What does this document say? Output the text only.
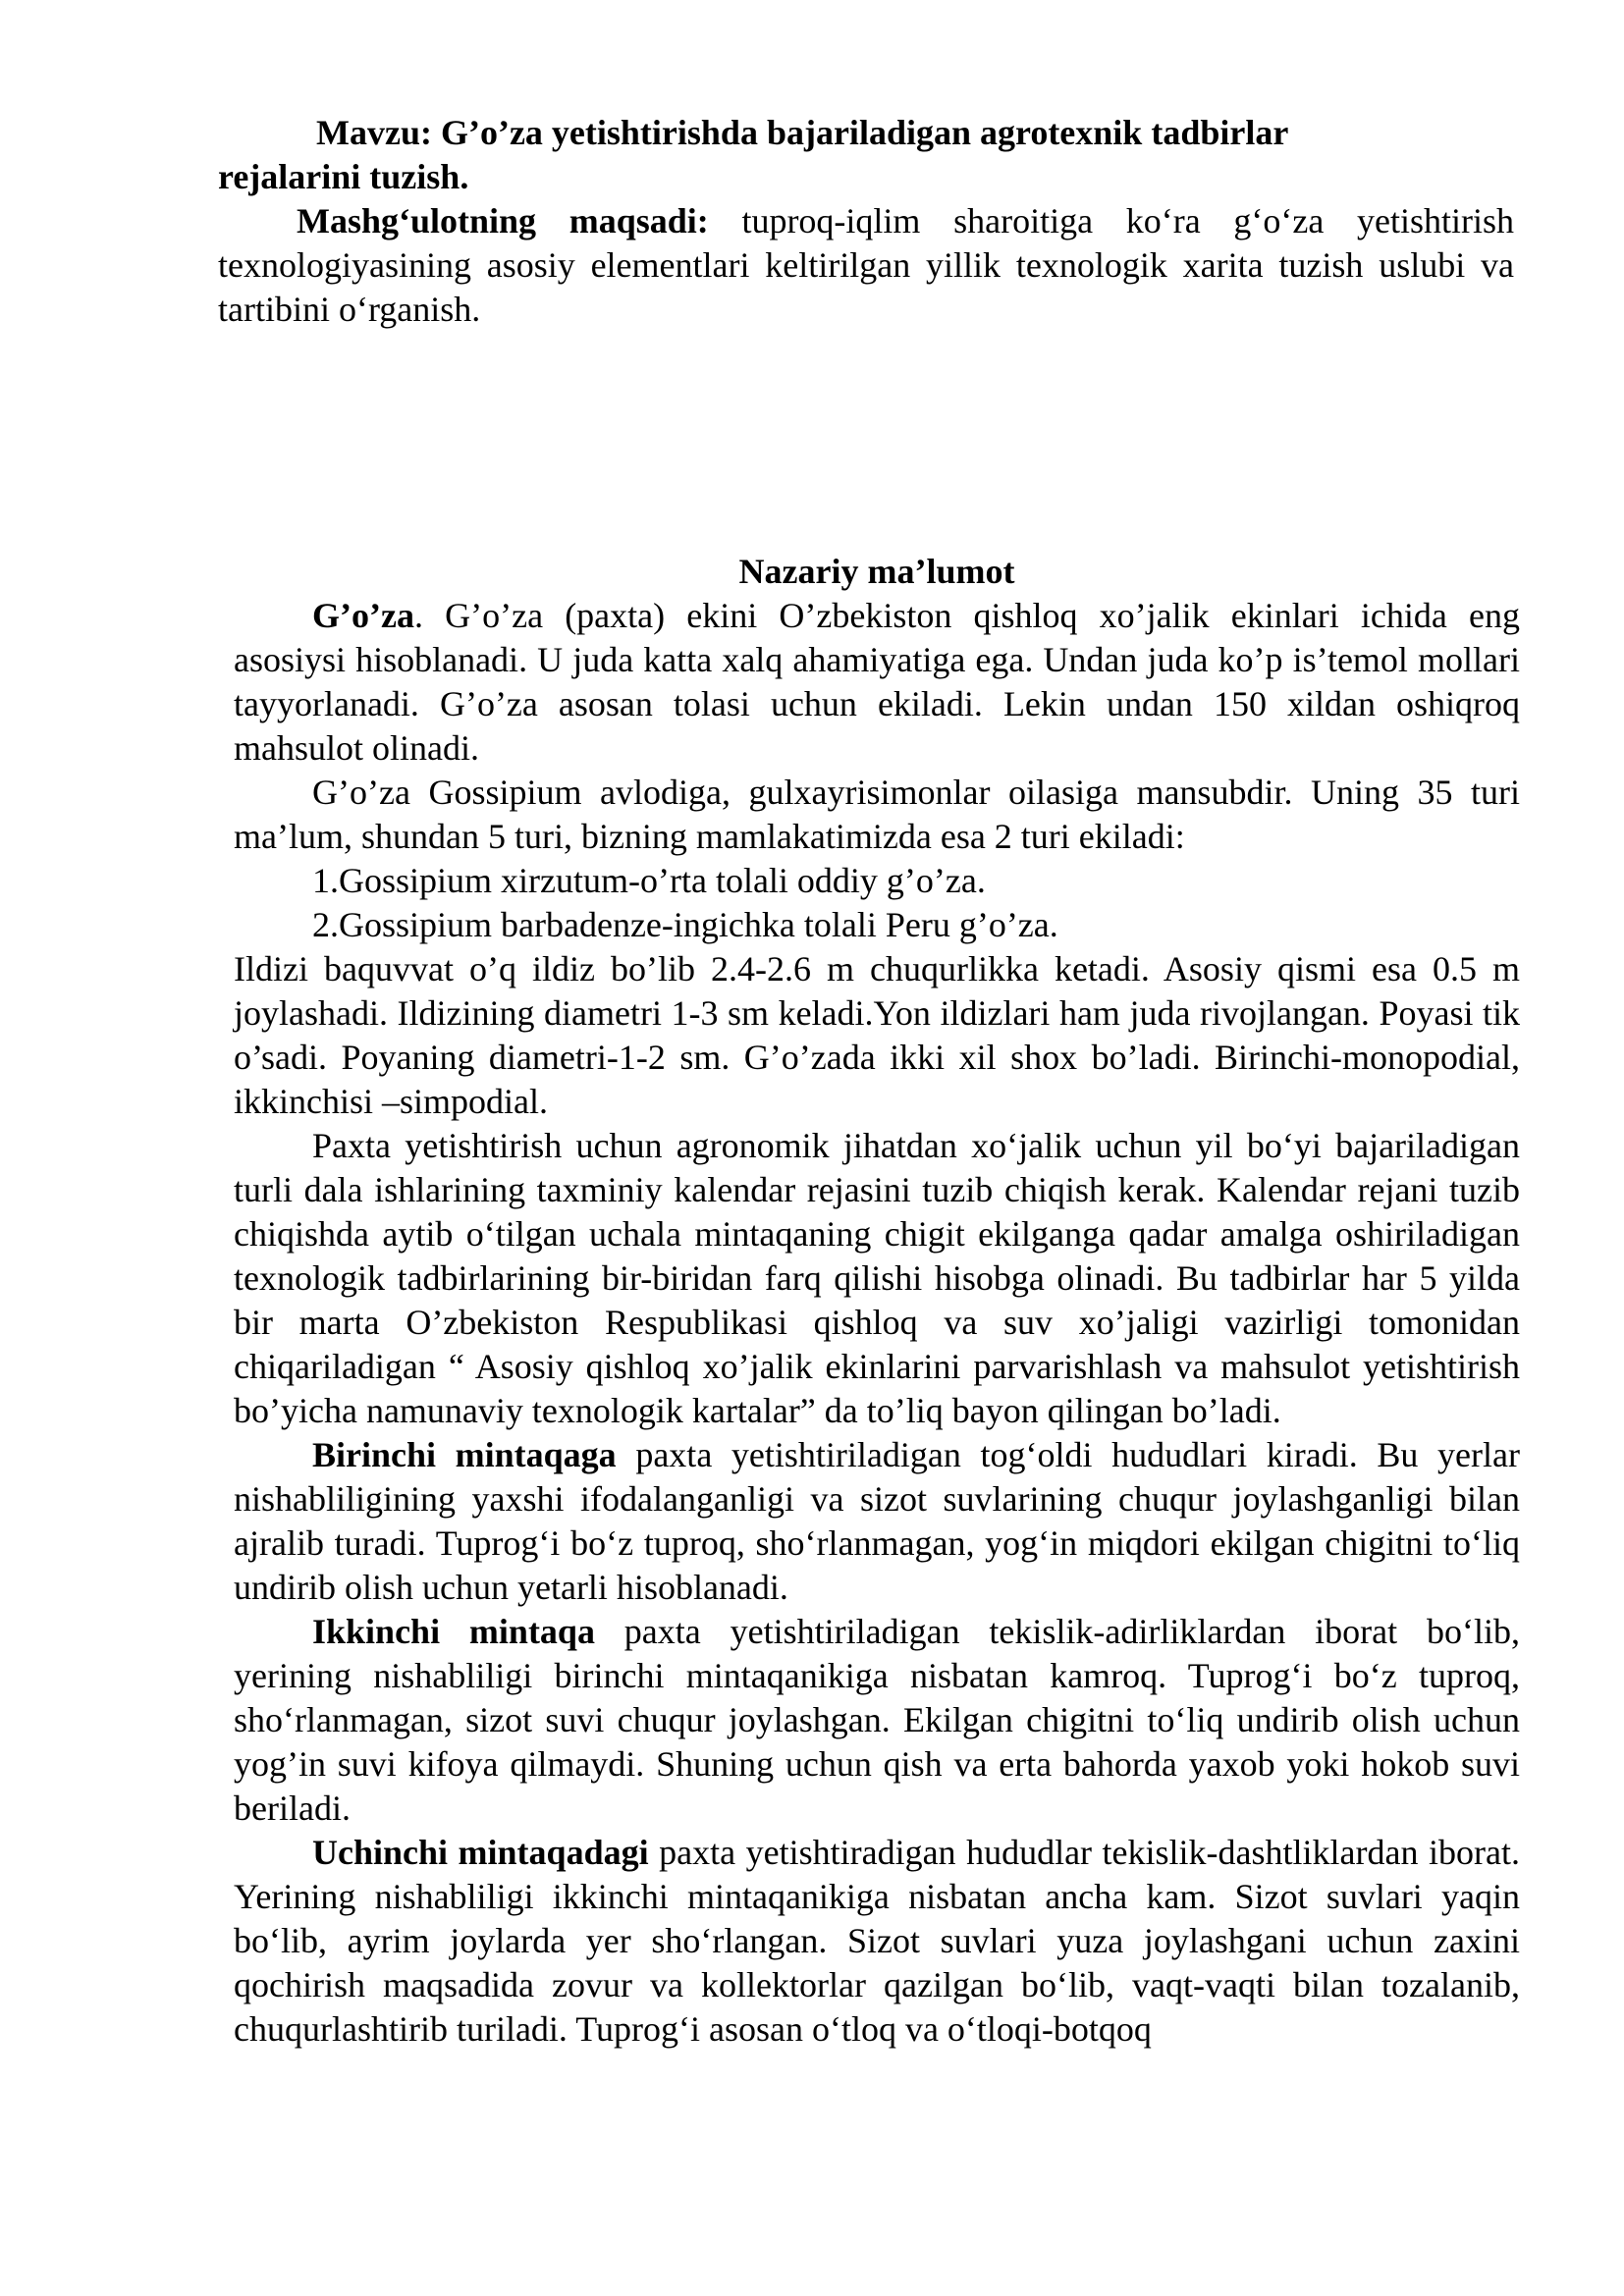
Mavzu: G’o’za yetishtirishda bajariladigan agrotexnik tadbirlar

rejalarini tuzish.

Mashg‘ulotning maqsadi: tuproq-iqlim sharoitiga ko‘ra g‘o‘za yetishtirish texnologiyasining asosiy elementlari keltirilgan yillik texnologik xarita tuzish uslubi va tartibini o‘rganish.

Nazariy ma’lumot

G’o’za. G’o’za (paxta) ekini O’zbekiston qishloq xo’jalik ekinlari ichida eng asosiysi hisoblanadi. U juda katta xalq ahamiyatiga ega. Undan juda ko’p is’temol mollari tayyorlanadi. G’o’za asosan tolasi uchun ekiladi. Lekin undan 150 xildan oshiqroq mahsulot olinadi.

G’o’za Gossipium avlodiga, gulxayrisimonlar oilasiga mansubdir. Uning 35 turi ma’lum, shundan 5 turi, bizning mamlakatimizda esa 2 turi ekiladi:

1.Gossipium xirzutum-o’rta tolali oddiy g’o’za.

2.Gossipium barbadenze-ingichka tolali Peru g’o’za.

Ildizi baquvvat o’q ildiz bo’lib 2.4-2.6 m chuqurlikka ketadi. Asosiy qismi esa 0.5 m joylashadi. Ildizining diametri 1-3 sm keladi.Yon ildizlari ham juda rivojlangan. Poyasi tik o’sadi. Poyaning diametri-1-2 sm. G’o’zada ikki xil shox bo’ladi. Birinchi-monopodial, ikkinchisi –simpodial.

Paxta yetishtirish uchun agronomik jihatdan xo‘jalik uchun yil bo‘yi bajariladigan turli dala ishlarining taxminiy kalendar rejasini tuzib chiqish kerak. Kalendar rejani tuzib chiqishda aytib o‘tilgan uchala mintaqaning chigit ekilganga qadar amalga oshiriladigan texnologik tadbirlarining bir-biridan farq qilishi hisobga olinadi. Bu tadbirlar har 5 yilda bir marta O’zbekiston Respublikasi qishloq va suv xo’jaligi vazirligi tomonidan chiqariladigan “ Asosiy qishloq xo’jalik ekinlarini parvarishlash va mahsulot yetishtirish bo’yicha namunaviy texnologik kartalar” da to’liq bayon qilingan bo’ladi.

Birinchi mintaqaga paxta yetishtiriladigan tog‘oldi hududlari kiradi. Bu yerlar nishabliligining yaxshi ifodalanganligi va sizot suvlarining chuqur joylashganligi bilan ajralib turadi. Tuprog‘i bo‘z tuproq, sho‘rlanmagan, yog‘in miqdori ekilgan chigitni to‘liq undirib olish uchun yetarli hisoblanadi.

Ikkinchi mintaqa paxta yetishtiriladigan tekislik-adirliklardan iborat bo‘lib, yerining nishabliligi birinchi mintaqanikiga nisbatan kamroq. Tuprog‘i bo‘z tuproq, sho‘rlanmagan, sizot suvi chuqur joylashgan. Ekilgan chigitni to‘liq undirib olish uchun yog’in suvi kifoya qilmaydi. Shuning uchun qish va erta bahorda yaxob yoki hokob suvi beriladi.

Uchinchi mintaqadagi paxta yetishtiradigan hududlar tekislik-dashtliklardan iborat. Yerining nishabliligi ikkinchi mintaqanikiga nisbatan ancha kam. Sizot suvlari yaqin bo‘lib, ayrim joylarda yer sho‘rlangan. Sizot suvlari yuza joylashgani uchun zaxini qochirish maqsadida zovur va kollektorlar qazilgan bo‘lib, vaqt-vaqti bilan tozalanib, chuqurlashtirib turiladi. Tuprog‘i asosan o‘tloq va o‘tloqi-botqoq
